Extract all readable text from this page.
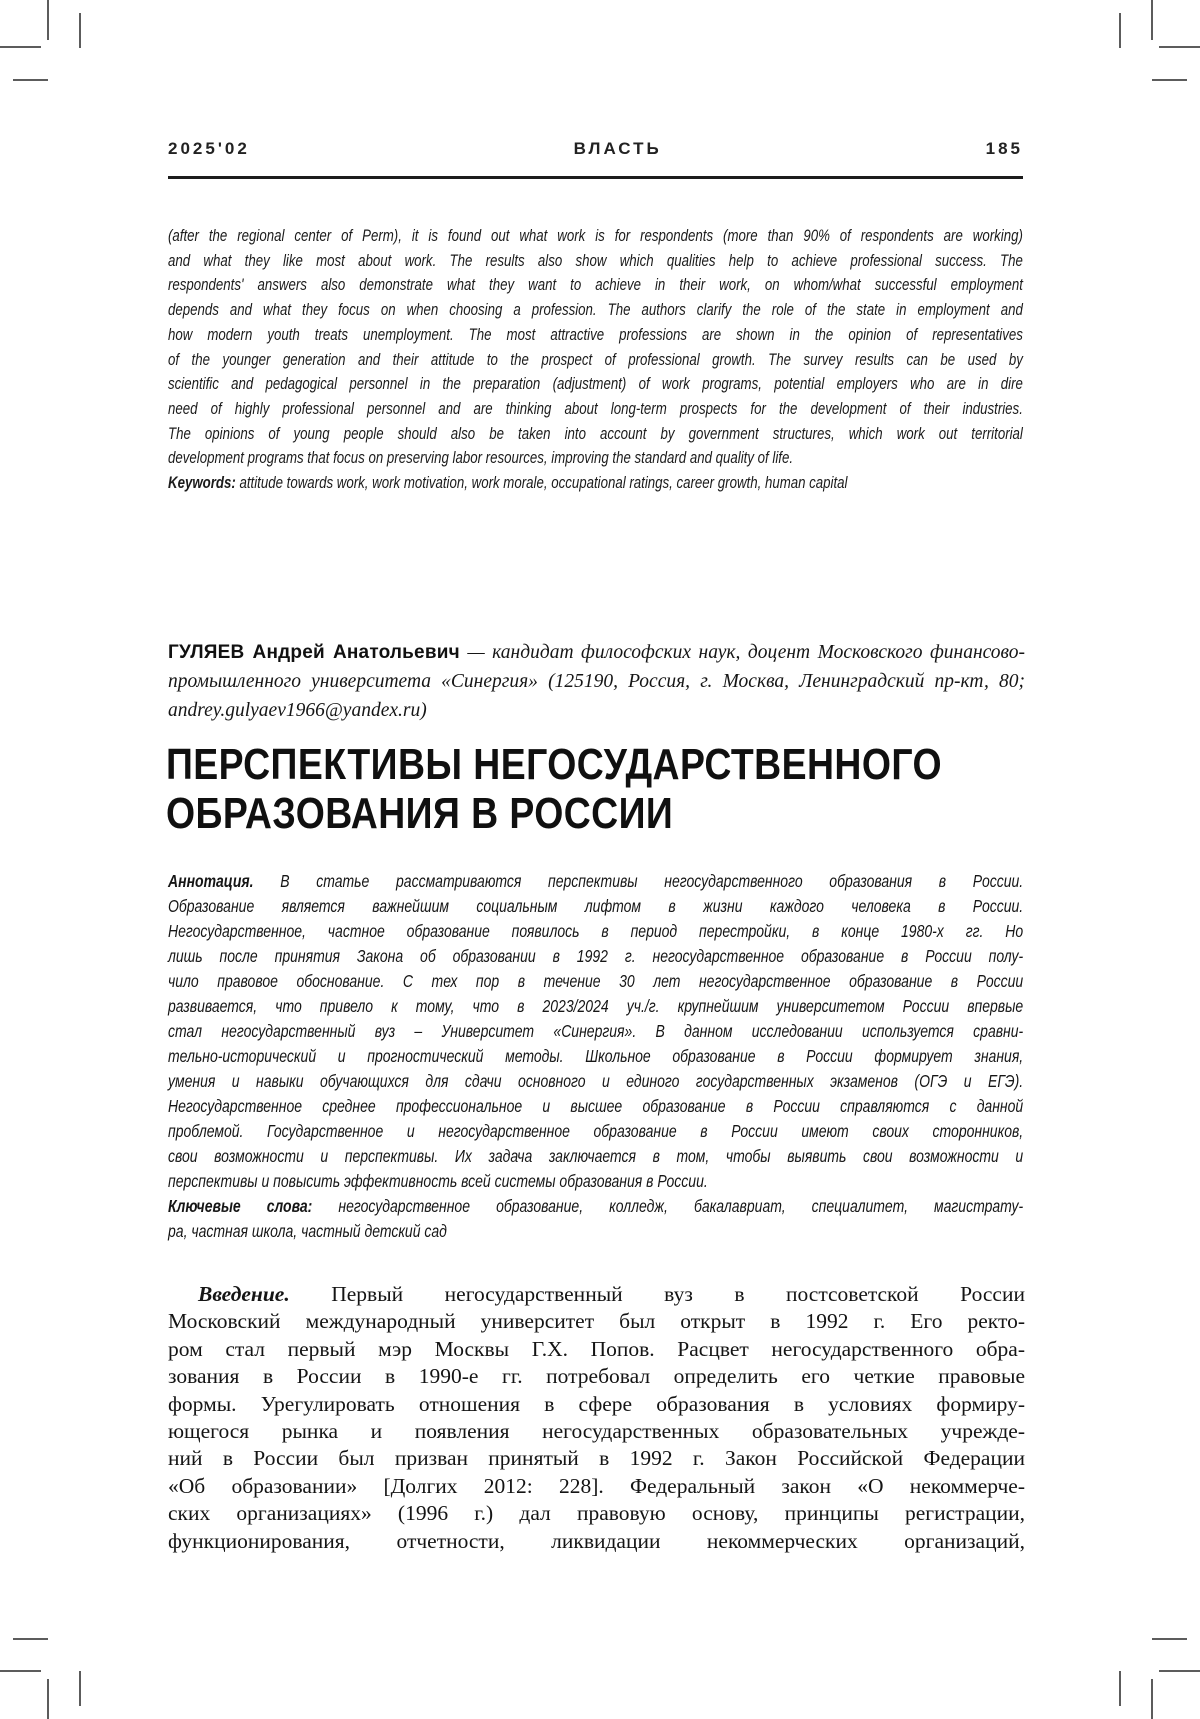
2025'02	ВЛАСТЬ	185
(after the regional center of Perm), it is found out what work is for respondents (more than 90% of respondents are working)
and what they like most about work. The results also show which qualities help to achieve professional success. The
respondents' answers also demonstrate what they want to achieve in their work, on whom/what successful employment
depends and what they focus on when choosing a profession. The authors clarify the role of the state in employment and
how modern youth treats unemployment. The most attractive professions are shown in the opinion of representatives
of the younger generation and their attitude to the prospect of professional growth. The survey results can be used by
scientific and pedagogical personnel in the preparation (adjustment) of work programs, potential employers who are in dire
need of highly professional personnel and are thinking about long-term prospects for the development of their industries.
The opinions of young people should also be taken into account by government structures, which work out territorial
development programs that focus on preserving labor resources, improving the standard and quality of life.
Keywords: attitude towards work, work motivation, work morale, occupational ratings, career growth, human capital
ГУЛЯЕВ Андрей Анатольевич — кандидат философских наук, доцент Московского финансово-
промышленного университета «Синергия» (125190, Россия, г. Москва, Ленинградский пр-кт, 80;
andrey.gulyaev1966@yandex.ru)
ПЕРСПЕКТИВЫ НЕГОСУДАРСТВЕННОГО
ОБРАЗОВАНИЯ В РОССИИ
Аннотация. В статье рассматриваются перспективы негосударственного образования в России.
Образование является важнейшим социальным лифтом в жизни каждого человека в России.
Негосударственное, частное образование появилось в период перестройки, в конце 1980-х гг. Но
лишь после принятия Закона об образовании в 1992 г. негосударственное образование в России полу-
чило правовое обоснование. С тех пор в течение 30 лет негосударственное образование в России
развивается, что привело к тому, что в 2023/2024 уч./г. крупнейшим университетом России впервые
стал негосударственный вуз – Университет «Синергия». В данном исследовании используется сравни-
тельно-исторический и прогностический методы. Школьное образование в России формирует знания,
умения и навыки обучающихся для сдачи основного и единого государственных экзаменов (ОГЭ и ЕГЭ).
Негосударственное среднее профессиональное и высшее образование в России справляются с данной
проблемой. Государственное и негосударственное образование в России имеют своих сторонников,
свои возможности и перспективы. Их задача заключается в том, чтобы выявить свои возможности и
перспективы и повысить эффективность всей системы образования в России.
Ключевые слова: негосударственное образование, колледж, бакалавриат, специалитет, магистрату-
ра, частная школа, частный детский сад
Введение. Первый негосударственный вуз в постсоветской России
Московский международный университет был открыт в 1992 г. Его ректо-
ром стал первый мэр Москвы Г.Х. Попов. Расцвет негосударственного обра-
зования в России в 1990-е гг. потребовал определить его четкие правовые
формы. Урегулировать отношения в сфере образования в условиях формиру-
ющегося рынка и появления негосударственных образовательных учрежде-
ний в России был призван принятый в 1992 г. Закон Российской Федерации
«Об образовании» [Долгих 2012: 228]. Федеральный закон «О некоммерче-
ских организациях» (1996 г.) дал правовую основу, принципы регистрации,
функционирования, отчетности, ликвидации некоммерческих организаций,
